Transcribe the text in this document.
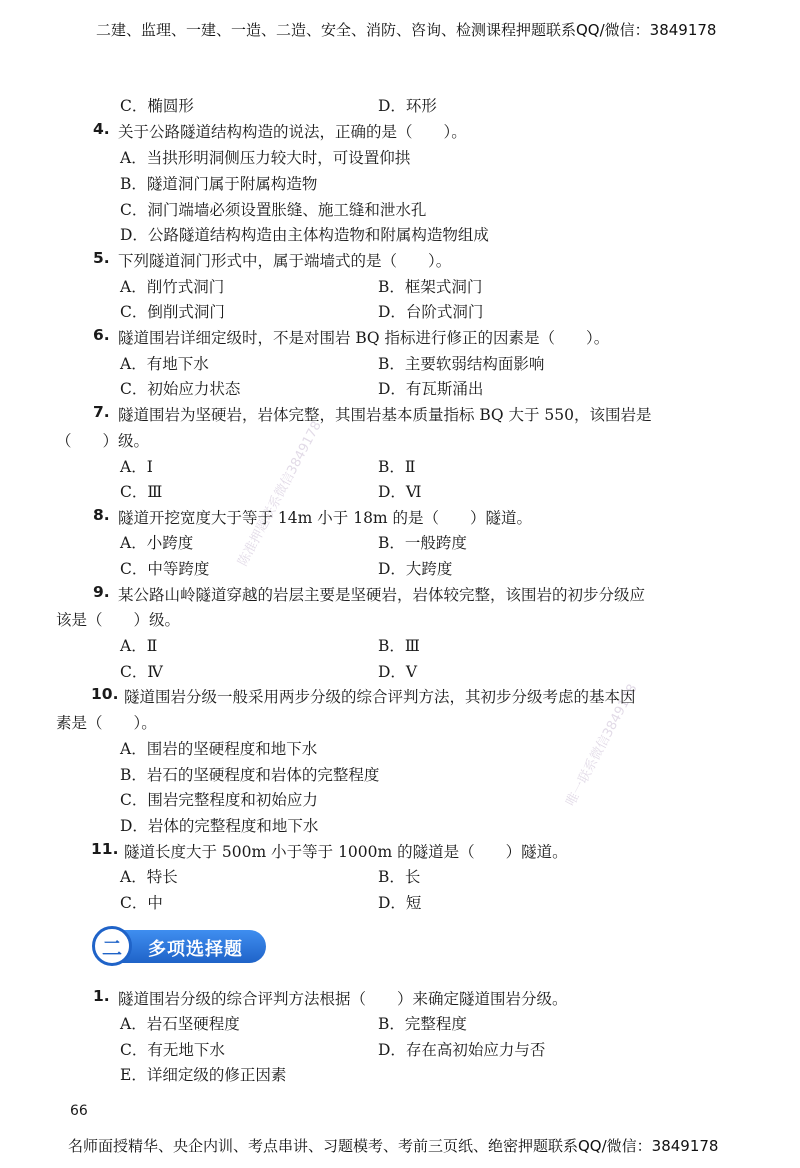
二建、监理、一建、一造、二造、安全、消防、咨询、检测课程押题联系QQ/微信：3849178
陈准押题联系微信3849178
唯一联系微信3849178
C．椭圆形	D．环形
4. 关于公路隧道结构构造的说法，正确的是（　　）。
A．当拱形明洞侧压力较大时，可设置仰拱
B．隧道洞门属于附属构造物
C．洞门端墙必须设置胀缝、施工缝和泄水孔
D．公路隧道结构构造由主体构造物和附属构造物组成
5. 下列隧道洞门形式中，属于端墙式的是（　　）。
A．削竹式洞门	B．框架式洞门
C．倒削式洞门	D．台阶式洞门
6. 隧道围岩详细定级时，不是对围岩 BQ 指标进行修正的因素是（　　）。
A．有地下水	B．主要软弱结构面影响
C．初始应力状态	D．有瓦斯涌出
7. 隧道围岩为坚硬岩，岩体完整，其围岩基本质量指标 BQ 大于 550，该围岩是
（　　）级。
A．Ⅰ	B．Ⅱ
C．Ⅲ	D．Ⅵ
8. 隧道开挖宽度大于等于 14m 小于 18m 的是（　　）隧道。
A．小跨度	B．一般跨度
C．中等跨度	D．大跨度
9. 某公路山岭隧道穿越的岩层主要是坚硬岩，岩体较完整，该围岩的初步分级应
该是（　　）级。
A．Ⅱ	B．Ⅲ
C．Ⅳ	D．Ⅴ
10. 隧道围岩分级一般采用两步分级的综合评判方法，其初步分级考虑的基本因
素是（　　）。
A．围岩的坚硬程度和地下水
B．岩石的坚硬程度和岩体的完整程度
C．围岩完整程度和初始应力
D．岩体的完整程度和地下水
11. 隧道长度大于 500m 小于等于 1000m 的隧道是（　　）隧道。
A．特长	B．长
C．中	D．短
二 多项选择题
1. 隧道围岩分级的综合评判方法根据（　　）来确定隧道围岩分级。
A．岩石坚硬程度	B．完整程度
C．有无地下水	D．存在高初始应力与否
E．详细定级的修正因素
66
名师面授精华、央企内训、考点串讲、习题模考、考前三页纸、绝密押题联系QQ/微信：3849178
